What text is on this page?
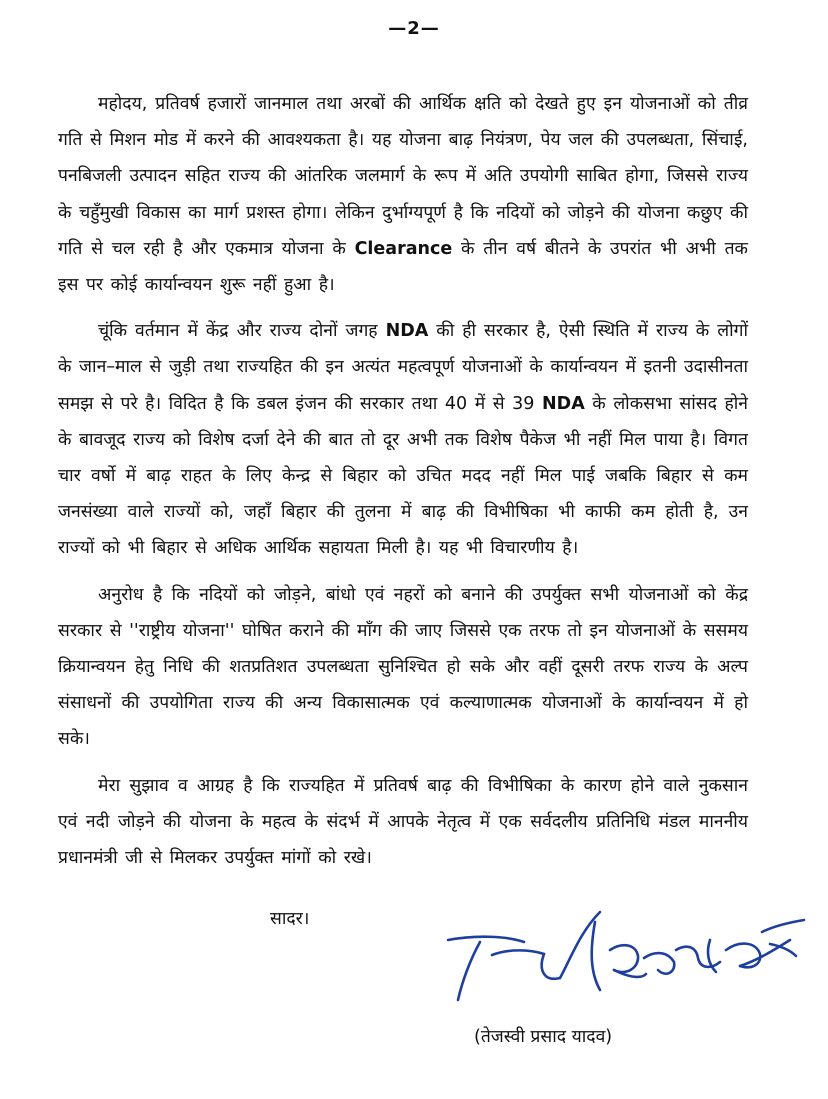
—2—

महोदय, प्रतिवर्ष हजारों जानमाल तथा अरबों की आर्थिक क्षति को देखते हुए इन योजनाओं को तीव्र गति से मिशन मोड में करने की आवश्यकता है। यह योजना बाढ़ नियंत्रण, पेय जल की उपलब्धता, सिंचाई, पनबिजली उत्पादन सहित राज्य की आंतरिक जलमार्ग के रूप में अति उपयोगी साबित होगा, जिससे राज्य के चहुँमुखी विकास का मार्ग प्रशस्त होगा। लेकिन दुर्भाग्यपूर्ण है कि नदियों को जोड़ने की योजना कछुए की गति से चल रही है और एकमात्र योजना के Clearance के तीन वर्ष बीतने के उपरांत भी अभी तक इस पर कोई कार्यान्वयन शुरू नहीं हुआ है।

चूंकि वर्तमान में केंद्र और राज्य दोनों जगह NDA की ही सरकार है, ऐसी स्थिति में राज्य के लोगों के जान–माल से जुड़ी तथा राज्यहित की इन अत्यंत महत्वपूर्ण योजनाओं के कार्यान्वयन में इतनी उदासीनता समझ से परे है। विदित है कि डबल इंजन की सरकार तथा 40 में से 39 NDA के लोकसभा सांसद होने के बावजूद राज्य को विशेष दर्जा देने की बात तो दूर अभी तक विशेष पैकेज भी नहीं मिल पाया है। विगत चार वर्षो में बाढ़ राहत के लिए केन्द्र से बिहार को उचित मदद नहीं मिल पाई जबकि बिहार से कम जनसंख्या वाले राज्यों को, जहाँ बिहार की तुलना में बाढ़ की विभीषिका भी काफी कम होती है, उन राज्यों को भी बिहार से अधिक आर्थिक सहायता मिली है। यह भी विचारणीय है।

अनुरोध है कि नदियों को जोड़ने, बांधो एवं नहरों को बनाने की उपर्युक्त सभी योजनाओं को केंद्र सरकार से ''राष्ट्रीय योजना'' घोषित कराने की माँग की जाए जिससे एक तरफ तो इन योजनाओं के ससमय क्रियान्वयन हेतु निधि की शतप्रतिशत उपलब्धता सुनिश्चित हो सके और वहीं दूसरी तरफ राज्य के अल्प संसाधनों की उपयोगिता राज्य की अन्य विकासात्मक एवं कल्याणात्मक योजनाओं के कार्यान्वयन में हो सके।

मेरा सुझाव व आग्रह है कि राज्यहित में प्रतिवर्ष बाढ़ की विभीषिका के कारण होने वाले नुकसान एवं नदी जोड़ने की योजना के महत्व के संदर्भ में आपके नेतृत्व में एक सर्वदलीय प्रतिनिधि मंडल माननीय प्रधानमंत्री जी से मिलकर उपर्युक्त मांगों को रखे।

सादर।
(तेजस्वी प्रसाद यादव)
